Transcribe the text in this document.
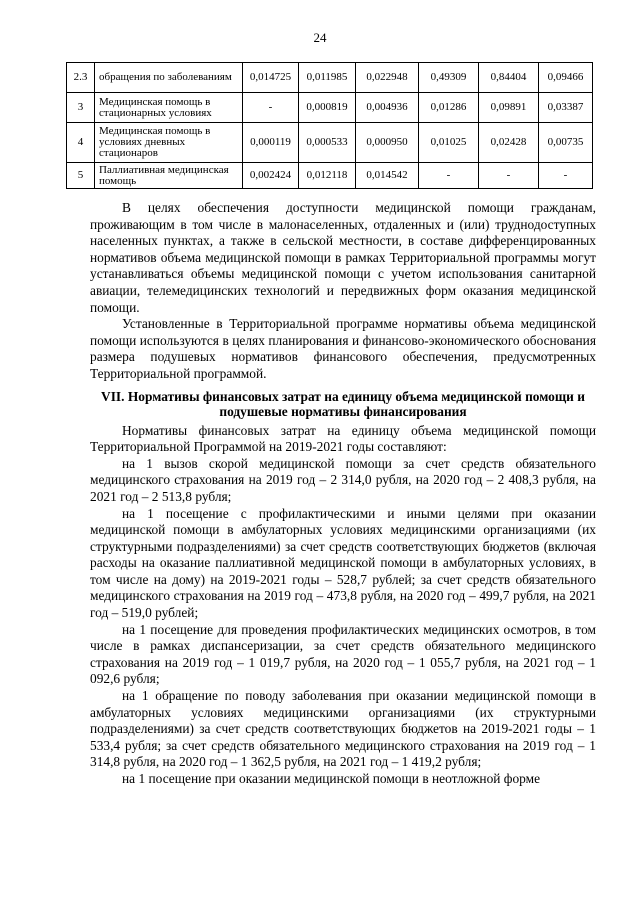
24
2.3	обращения по заболеваниям	0,014725	0,011985	0,022948	0,49309	0,84404	0,09466
3	Медицинская помощь в стационарных условиях	-	0,000819	0,004936	0,01286	0,09891	0,03387
4	Медицинская помощь в условиях дневных стационаров	0,000119	0,000533	0,000950	0,01025	0,02428	0,00735
5	Паллиативная медицинская помощь	0,002424	0,012118	0,014542	-	-	-

В целях обеспечения доступности медицинской помощи гражданам, проживающим в том числе в малонаселенных, отдаленных и (или) труднодоступных населенных пунктах, а также в сельской местности, в составе дифференцированных нормативов объема медицинской помощи в рамках Территориальной программы могут устанавливаться объемы медицинской помощи с учетом использования санитарной авиации, телемедицинских технологий и передвижных форм оказания медицинской помощи.

Установленные в Территориальной программе нормативы объема медицинской помощи используются в целях планирования и финансово-экономического обоснования размера подушевых нормативов финансового обеспечения, предусмотренных Территориальной программой.

VII. Нормативы финансовых затрат на единицу объема медицинской помощи и подушевые нормативы финансирования

Нормативы финансовых затрат на единицу объема медицинской помощи Территориальной Программой на 2019-2021 годы составляют:

на 1 вызов скорой медицинской помощи за счет средств обязательного медицинского страхования на 2019 год – 2 314,0 рубля, на 2020 год – 2 408,3 рубля, на 2021 год – 2 513,8 рубля;

на 1 посещение с профилактическими и иными целями при оказании медицинской помощи в амбулаторных условиях медицинскими организациями (их структурными подразделениями) за счет средств соответствующих бюджетов (включая расходы на оказание паллиативной медицинской помощи в амбулаторных условиях, в том числе на дому) на 2019-2021 годы – 528,7 рублей; за счет средств обязательного медицинского страхования на 2019 год – 473,8 рубля, на 2020 год – 499,7 рубля, на 2021 год – 519,0 рублей;

на 1 посещение для проведения профилактических медицинских осмотров, в том числе в рамках диспансеризации, за счет средств обязательного медицинского страхования на 2019 год – 1 019,7 рубля, на 2020 год – 1 055,7 рубля, на 2021 год – 1 092,6 рубля;

на 1 обращение по поводу заболевания при оказании медицинской помощи в амбулаторных условиях медицинскими организациями (их структурными подразделениями) за счет средств соответствующих бюджетов на 2019-2021 годы – 1 533,4 рубля; за счет средств обязательного медицинского страхования на 2019 год – 1 314,8 рубля, на 2020 год – 1 362,5 рубля, на 2021 год – 1 419,2 рубля;

на 1 посещение при оказании медицинской помощи в неотложной форме
